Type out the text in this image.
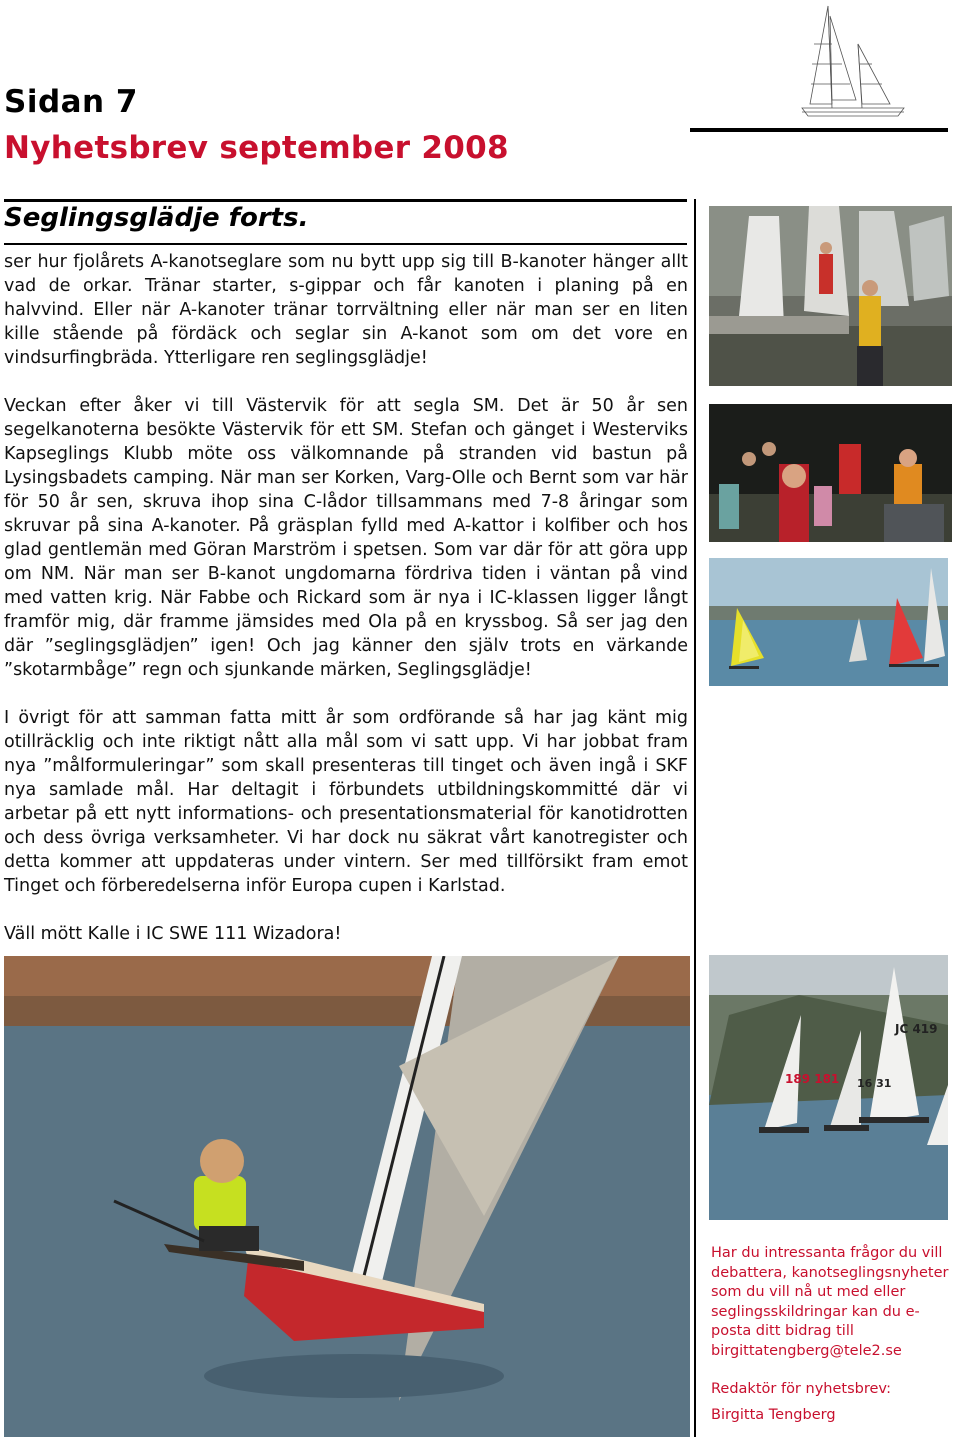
Sidan 7
Nyhetsbrev september 2008
Seglingsglädje forts.

ser hur fjolårets A-kanotseglare som nu bytt upp sig till B-kanoter hänger allt vad de orkar. Tränar starter, s-gippar och får kanoten i planing på en halvvind. Eller när A-kanoter tränar torrvältning eller när man ser en liten kille stående på fördäck och seglar sin A-kanot som om det vore en vindsurfingbräda. Ytterligare ren seglingsglädje!

Veckan efter åker vi till Västervik för att segla SM. Det är 50 år sen segelkanoterna besökte Västervik för ett SM. Stefan och gänget i Westerviks Kapseglings Klubb möte oss välkomnande på stranden vid bastun på Lysingsbadets camping. När man ser Korken, Varg-Olle och Bernt som var här för 50 år sen, skruva ihop sina C-lådor tillsammans med 7-8 åringar som skruvar på sina A-kanoter. På gräsplan fylld med A-kattor i kolfiber och hos glad gentlemän med Göran Marström i spetsen. Som var där för att göra upp om NM. När man ser B-kanot ungdomarna fördriva tiden i väntan på vind med vatten krig. När Fabbe och Rickard som är nya i IC-klassen ligger långt framför mig, där framme jämsides med Ola på en kryssbog. Så ser jag den där ”seglingsglädjen” igen! Och jag känner den själv trots en värkande ”skotarmbåge” regn och sjunkande märken, Seglingsglädje!

I övrigt för att samman fatta mitt år som ordförande så har jag känt mig otillräcklig och inte riktigt nått alla mål som vi satt upp. Vi har jobbat fram nya ”målformuleringar” som skall presenteras till tinget och även ingå i SKF nya samlade mål. Har deltagit i förbundets utbildningskommitté där vi arbetar på ett nytt informations- och presentationsmaterial för kanotidrotten och dess övriga verksamheter. Vi har dock nu säkrat vårt kanotregister och detta kommer att uppdateras under vintern. Ser med tillförsikt fram emot Tinget och förberedelserna inför Europa cupen i Karlstad.

Väll mött Kalle i IC SWE 111 Wizadora!

189 181 16 31
JC 419

Har du intressanta frågor du vill debattera, kanotseglingsnyheter som du vill nå ut med eller seglingsskildringar kan du e-posta ditt bidrag till

birgittatengberg@tele2.se

Redaktör för nyhetsbrev:

Birgitta Tengberg
